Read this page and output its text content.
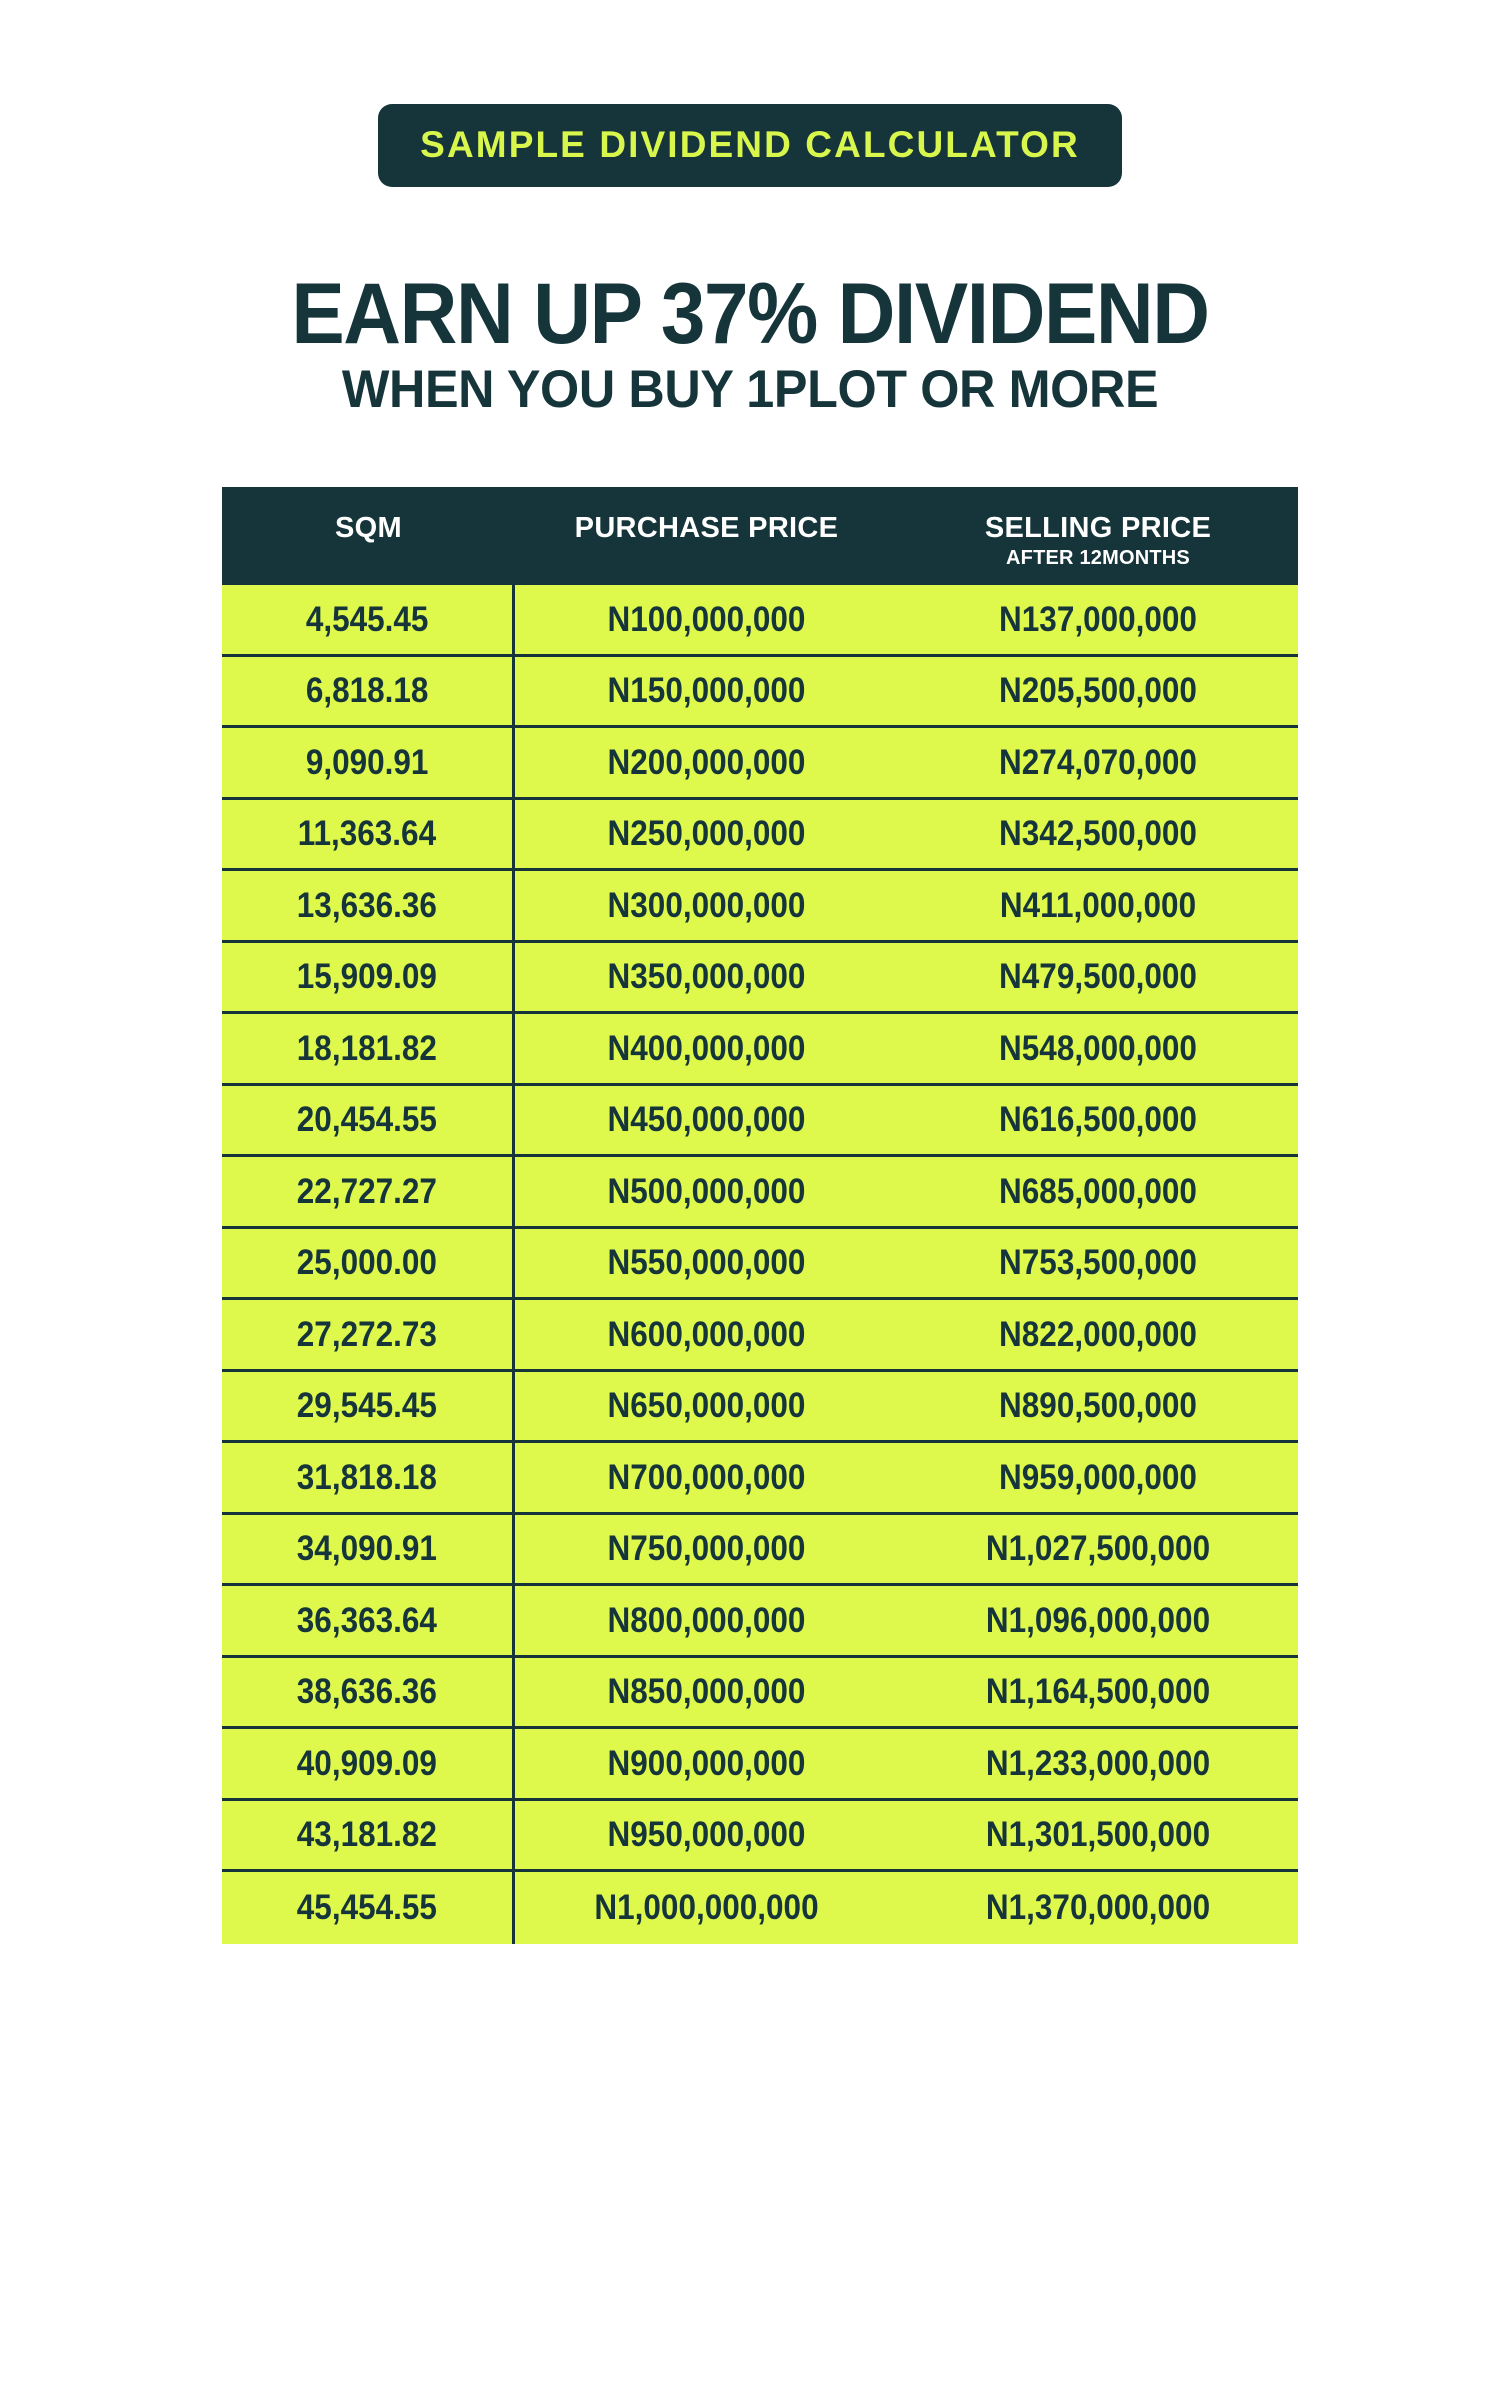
SAMPLE DIVIDEND CALCULATOR
EARN UP 37% DIVIDEND
WHEN YOU BUY 1PLOT OR MORE
SQM	PURCHASE PRICE	SELLING PRICE
AFTER 12MONTHS
4,545.45	N100,000,000	N137,000,000
6,818.18	N150,000,000	N205,500,000
9,090.91	N200,000,000	N274,070,000
11,363.64	N250,000,000	N342,500,000
13,636.36	N300,000,000	N411,000,000
15,909.09	N350,000,000	N479,500,000
18,181.82	N400,000,000	N548,000,000
20,454.55	N450,000,000	N616,500,000
22,727.27	N500,000,000	N685,000,000
25,000.00	N550,000,000	N753,500,000
27,272.73	N600,000,000	N822,000,000
29,545.45	N650,000,000	N890,500,000
31,818.18	N700,000,000	N959,000,000
34,090.91	N750,000,000	N1,027,500,000
36,363.64	N800,000,000	N1,096,000,000
38,636.36	N850,000,000	N1,164,500,000
40,909.09	N900,000,000	N1,233,000,000
43,181.82	N950,000,000	N1,301,500,000
45,454.55	N1,000,000,000	N1,370,000,000
